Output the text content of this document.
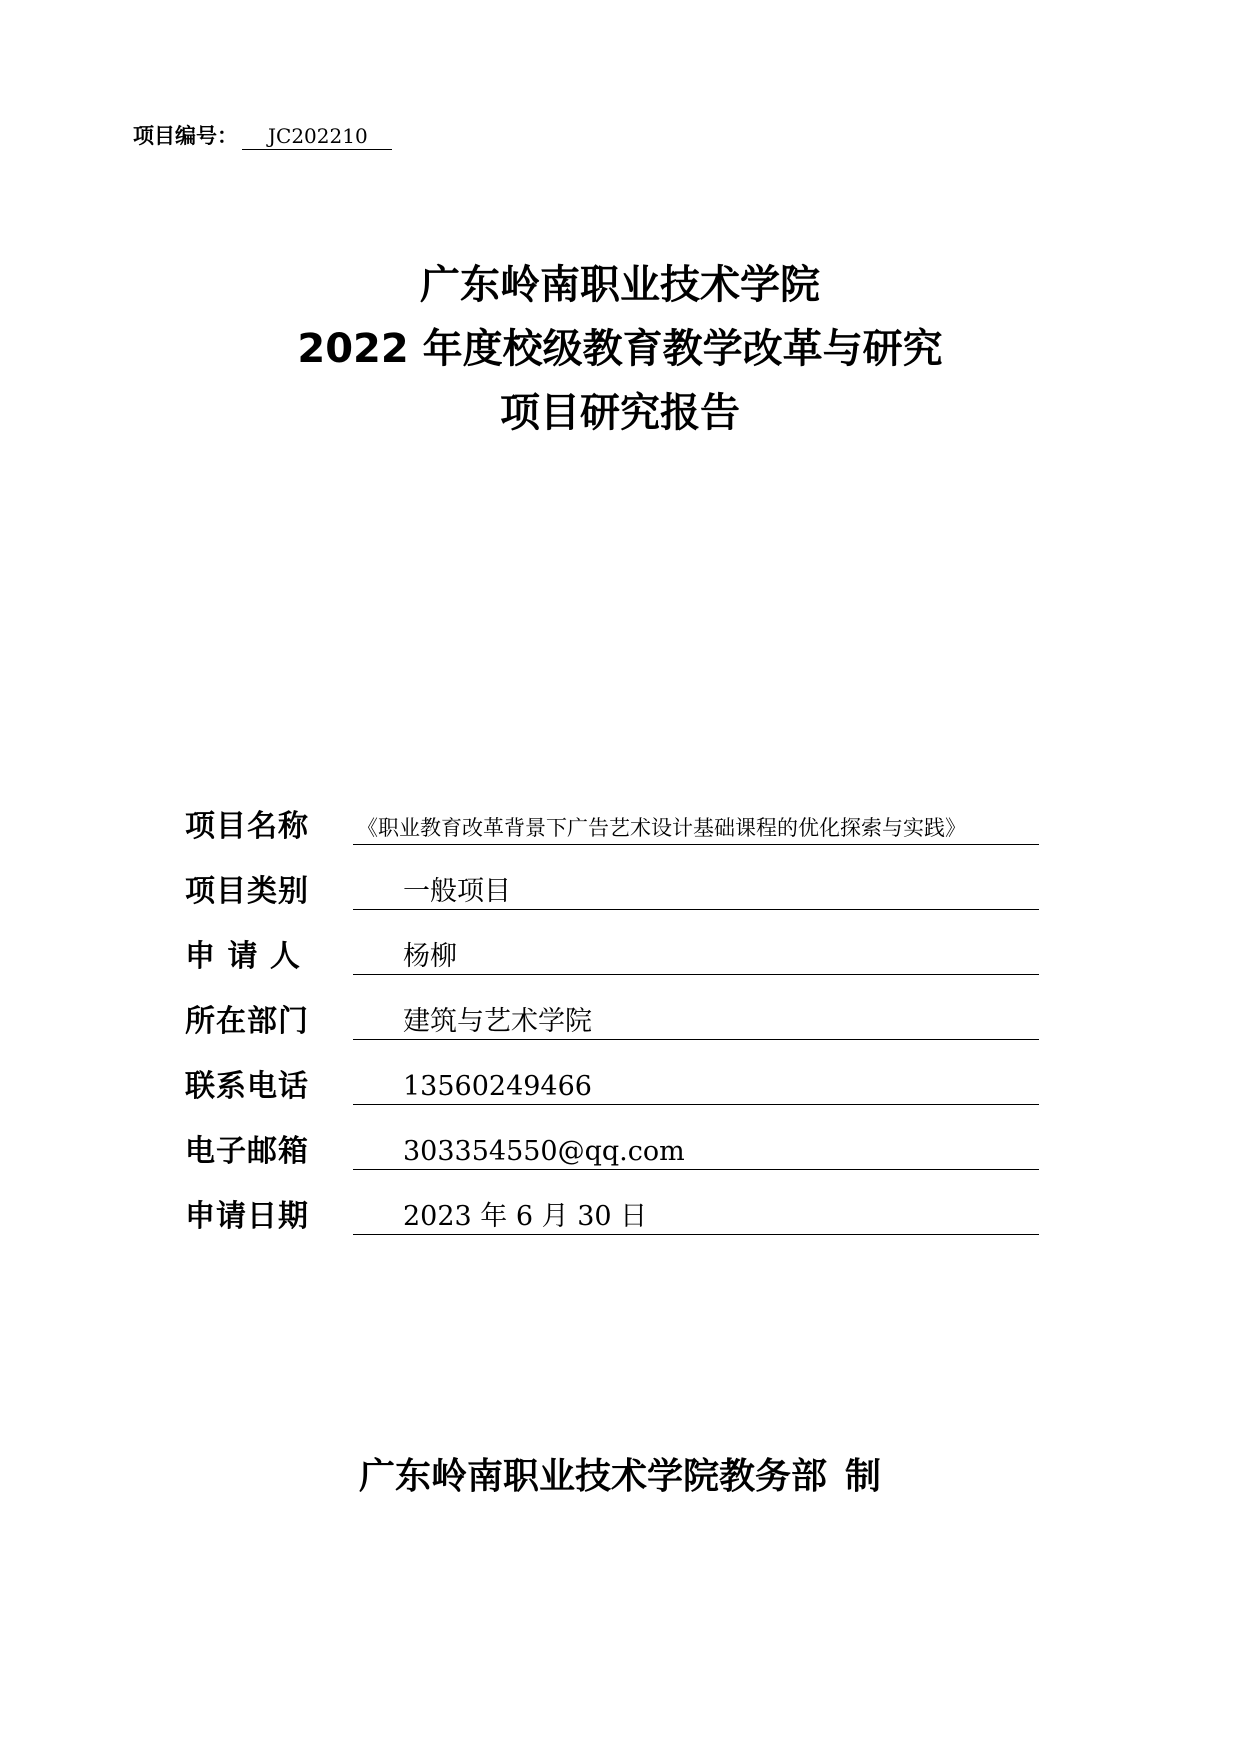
项目编号：	JC202210
广东岭南职业技术学院
2022 年度校级教育教学改革与研究
项目研究报告
项目名称	《职业教育改革背景下广告艺术设计基础课程的优化探索与实践》
项目类别	一般项目
申 请 人	杨柳
所在部门	建筑与艺术学院
联系电话	13560249466
电子邮箱	303354550@qq.com
申请日期	2023 年 6 月 30 日
广东岭南职业技术学院教务部 制
